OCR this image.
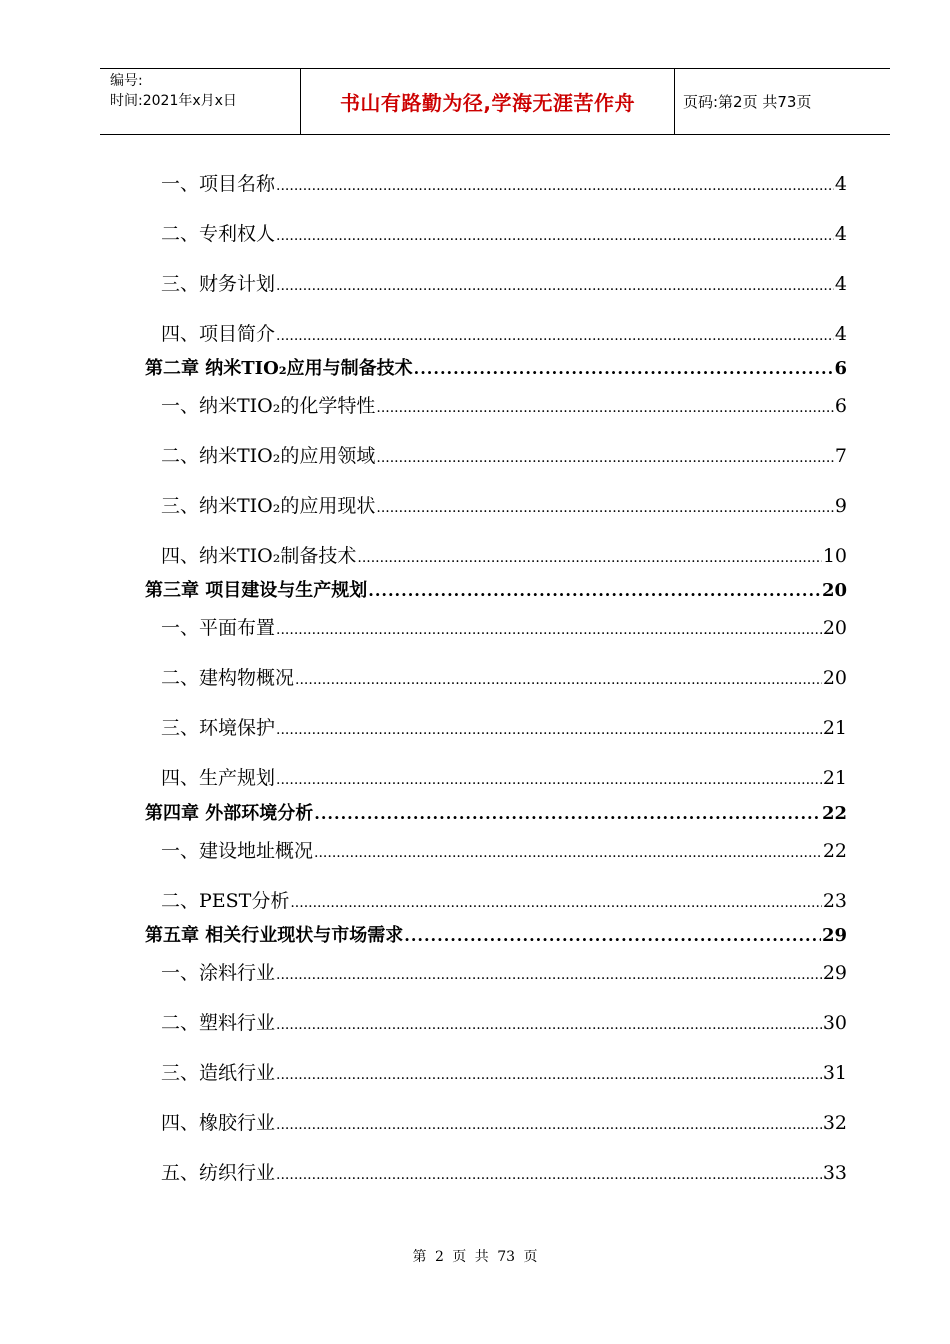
编号:
时间:2021年x月x日	书山有路勤为径,学海无涯苦作舟	页码:第2页 共73页
一、项目名称 .....	4
二、专利权人 .....	4
三、财务计划 .....	4
四、项目简介 .....	4
第二章 纳米TIO₂应用与制备技术 .....	6
一、纳米TIO₂的化学特性 .....	6
二、纳米TIO₂的应用领域 .....	7
三、纳米TIO₂的应用现状 .....	9
四、纳米TIO₂制备技术 .....	10
第三章 项目建设与生产规划 .....	20
一、平面布置 .....	20
二、建构物概况 .....	20
三、环境保护 .....	21
四、生产规划 .....	21
第四章 外部环境分析 .....	22
一、建设地址概况 .....	22
二、PEST分析 .....	23
第五章 相关行业现状与市场需求 .....	29
一、涂料行业 .....	29
二、塑料行业 .....	30
三、造纸行业 .....	31
四、橡胶行业 .....	32
五、纺织行业 .....	33
第 2 页 共 73 页
